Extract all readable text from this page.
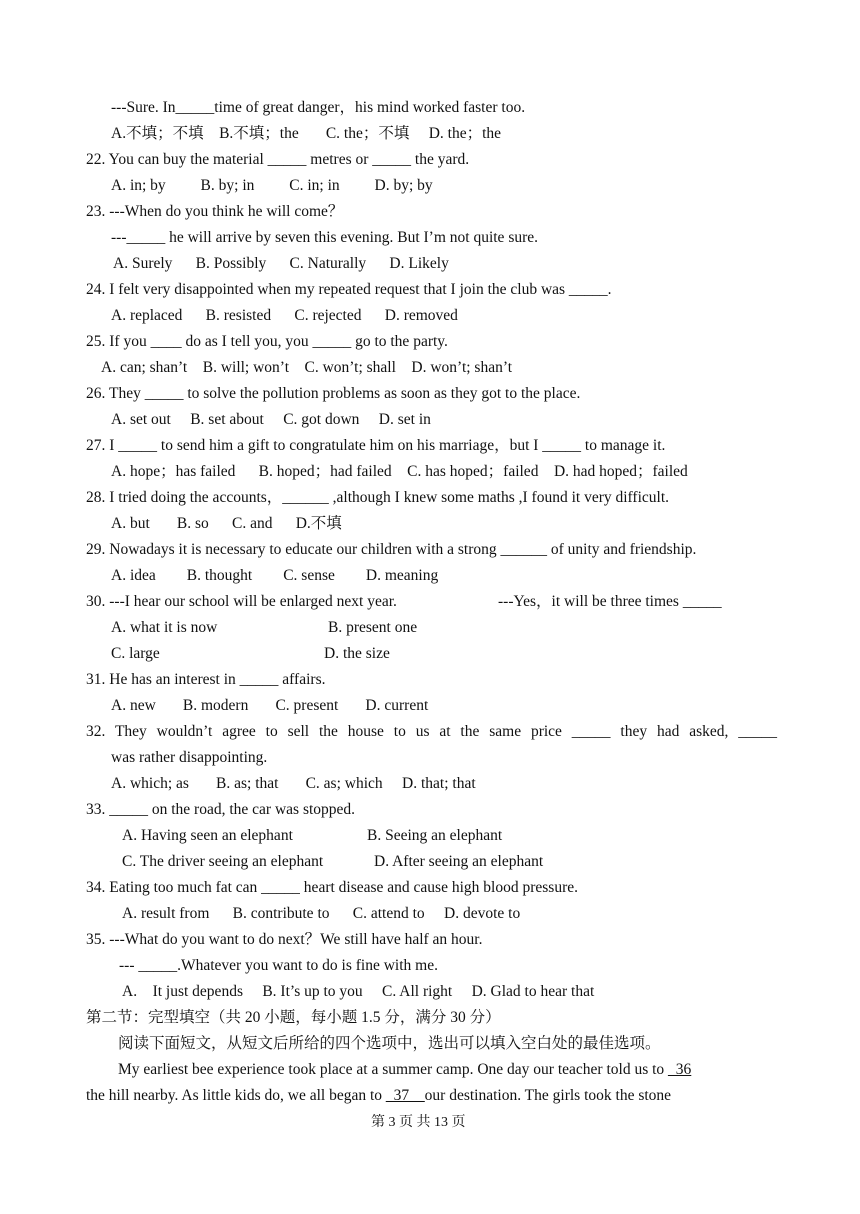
---Sure. In_____time of great danger，his mind worked faster too.
A.不填；不填    B.不填；the       C. the；不填     D. the；the
22. You can buy the material _____ metres or _____ the yard.
A. in; by         B. by; in         C. in; in         D. by; by
23. ---When do you think he will come？
---_____ he will arrive by seven this evening. But I’m not quite sure.
A. Surely      B. Possibly      C. Naturally      D. Likely
24. I felt very disappointed when my repeated request that I join the club was _____.
A. replaced      B. resisted      C. rejected      D. removed
25. If you ____ do as I tell you, you _____ go to the party.
A. can; shan’t    B. will; won’t    C. won’t; shall    D. won’t; shan’t
26. They _____ to solve the pollution problems as soon as they got to the place.
A. set out     B. set about     C. got down     D. set in
27. I _____ to send him a gift to congratulate him on his marriage，but I _____ to manage it.
A. hope；has failed      B. hoped；had failed    C. has hoped；failed    D. had hoped；failed
28. I tried doing the accounts，______ ,although I knew some maths ,I found it very difficult.
A. but       B. so      C. and      D.不填
29. Nowadays it is necessary to educate our children with a strong ______ of unity and friendship.
A. idea        B. thought        C. sense        D. meaning
30. ---I hear our school will be enlarged next year.	---Yes，it will be three times _____
A. what it is now	B. present one
C. large	D. the size
31. He has an interest in _____ affairs.
A. new       B. modern       C. present       D. current
32. They wouldn’t agree to sell the house to us at the same price _____ they had asked, _____
was rather disappointing.
A. which; as       B. as; that       C. as; which     D. that; that
33. _____ on the road, the car was stopped.
A. Having seen an elephant	B. Seeing an elephant
C. The driver seeing an elephant	D. After seeing an elephant
34. Eating too much fat can _____ heart disease and cause high blood pressure.
A. result from      B. contribute to      C. attend to     D. devote to
35. ---What do you want to do next？We still have half an hour.
--- _____.Whatever you want to do is fine with me.
A.    It just depends     B. It’s up to you     C. All right     D. Glad to hear that
第二节：完型填空（共 20 小题，每小题 1.5 分，满分 30 分）
阅读下面短文，从短文后所给的四个选项中，选出可以填入空白处的最佳选项。
My earliest bee experience took place at a summer camp. One day our teacher told us to _36
the hill nearby. As little kids do, we all began to _37__our destination. The girls took the stone
第 3 页 共 13 页
